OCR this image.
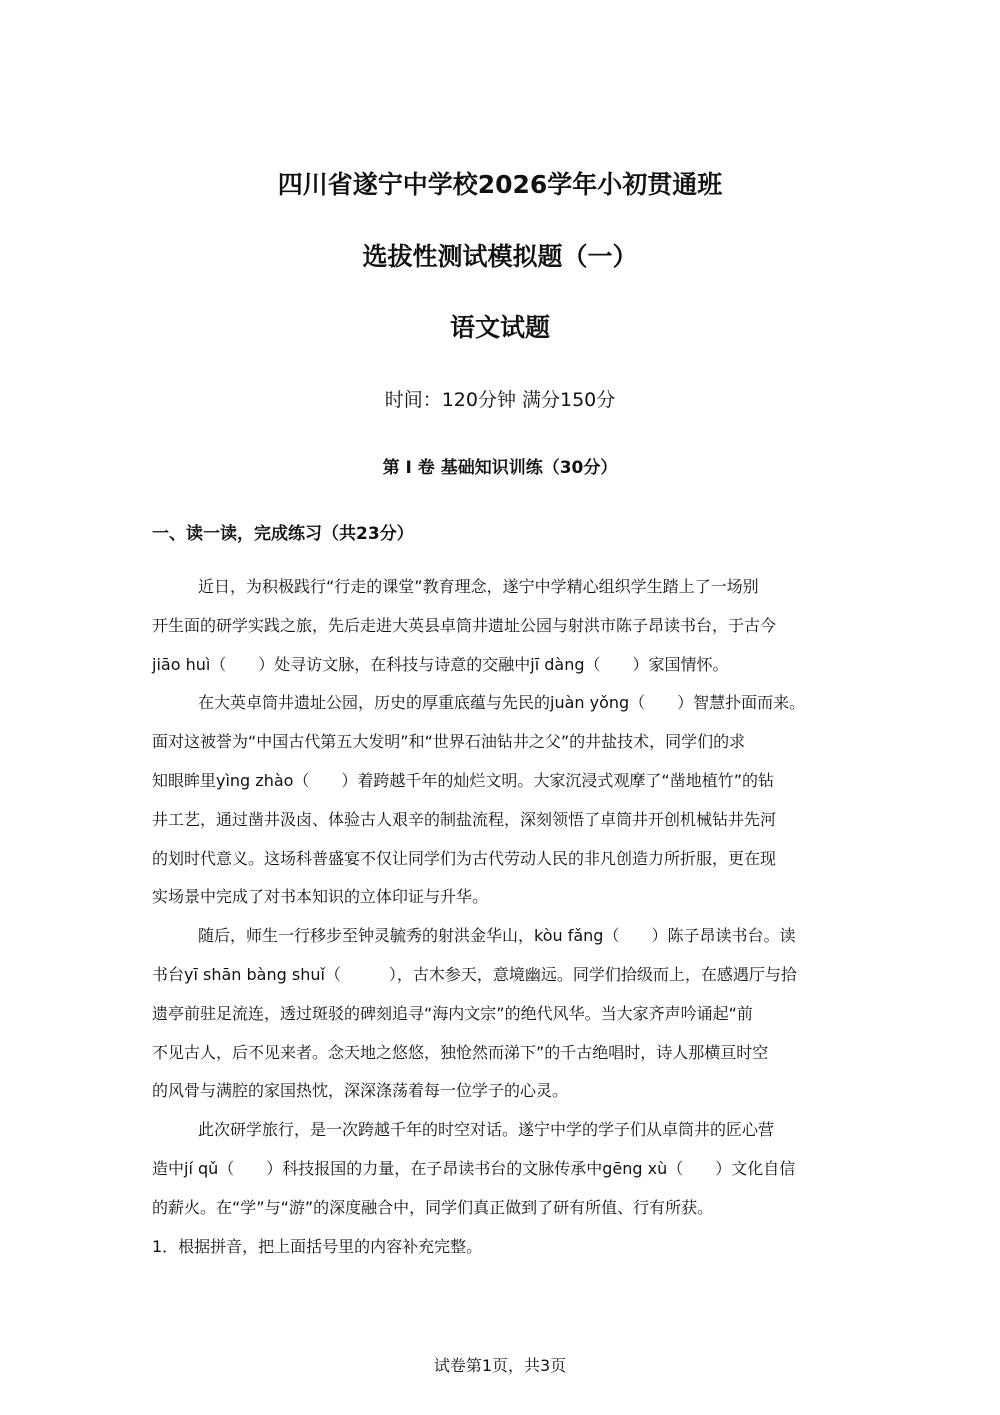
四川省遂宁中学校2026学年小初贯通班
选拔性测试模拟题（一）
语文试题
时间：120分钟 满分150分
第 I 卷 基础知识训练（30分）
一、读一读，完成练习（共23分）
近日，为积极践行“行走的课堂”教育理念，遂宁中学精心组织学生踏上了一场别
开生面的研学实践之旅，先后走进大英县卓筒井遗址公园与射洪市陈子昂读书台，于古今
jiāo huì（　　）处寻访文脉，在科技与诗意的交融中jī dàng（　　）家国情怀。
在大英卓筒井遗址公园，历史的厚重底蕴与先民的juàn yǒng（　　）智慧扑面而来。
面对这被誉为“中国古代第五大发明”和“世界石油钻井之父”的井盐技术，同学们的求
知眼眸里yìng zhào（　　）着跨越千年的灿烂文明。大家沉浸式观摩了“凿地植竹”的钻
井工艺，通过凿井汲卤、体验古人艰辛的制盐流程，深刻领悟了卓筒井开创机械钻井先河
的划时代意义。这场科普盛宴不仅让同学们为古代劳动人民的非凡创造力所折服，更在现
实场景中完成了对书本知识的立体印证与升华。
随后，师生一行移步至钟灵毓秀的射洪金华山，kòu fǎng（　　）陈子昂读书台。读
书台yī shān bàng shuǐ（　　　），古木参天，意境幽远。同学们拾级而上，在感遇厅与拾
遗亭前驻足流连，透过斑驳的碑刻追寻“海内文宗”的绝代风华。当大家齐声吟诵起“前
不见古人，后不见来者。念天地之悠悠，独怆然而涕下”的千古绝唱时，诗人那横亘时空
的风骨与满腔的家国热忱，深深涤荡着每一位学子的心灵。
此次研学旅行，是一次跨越千年的时空对话。遂宁中学的学子们从卓筒井的匠心营
造中jí qǔ（　　）科技报国的力量，在子昂读书台的文脉传承中gēng xù（　　）文化自信
的薪火。在“学”与“游”的深度融合中，同学们真正做到了研有所值、行有所获。
1．根据拼音，把上面括号里的内容补充完整。
试卷第1页，共3页
